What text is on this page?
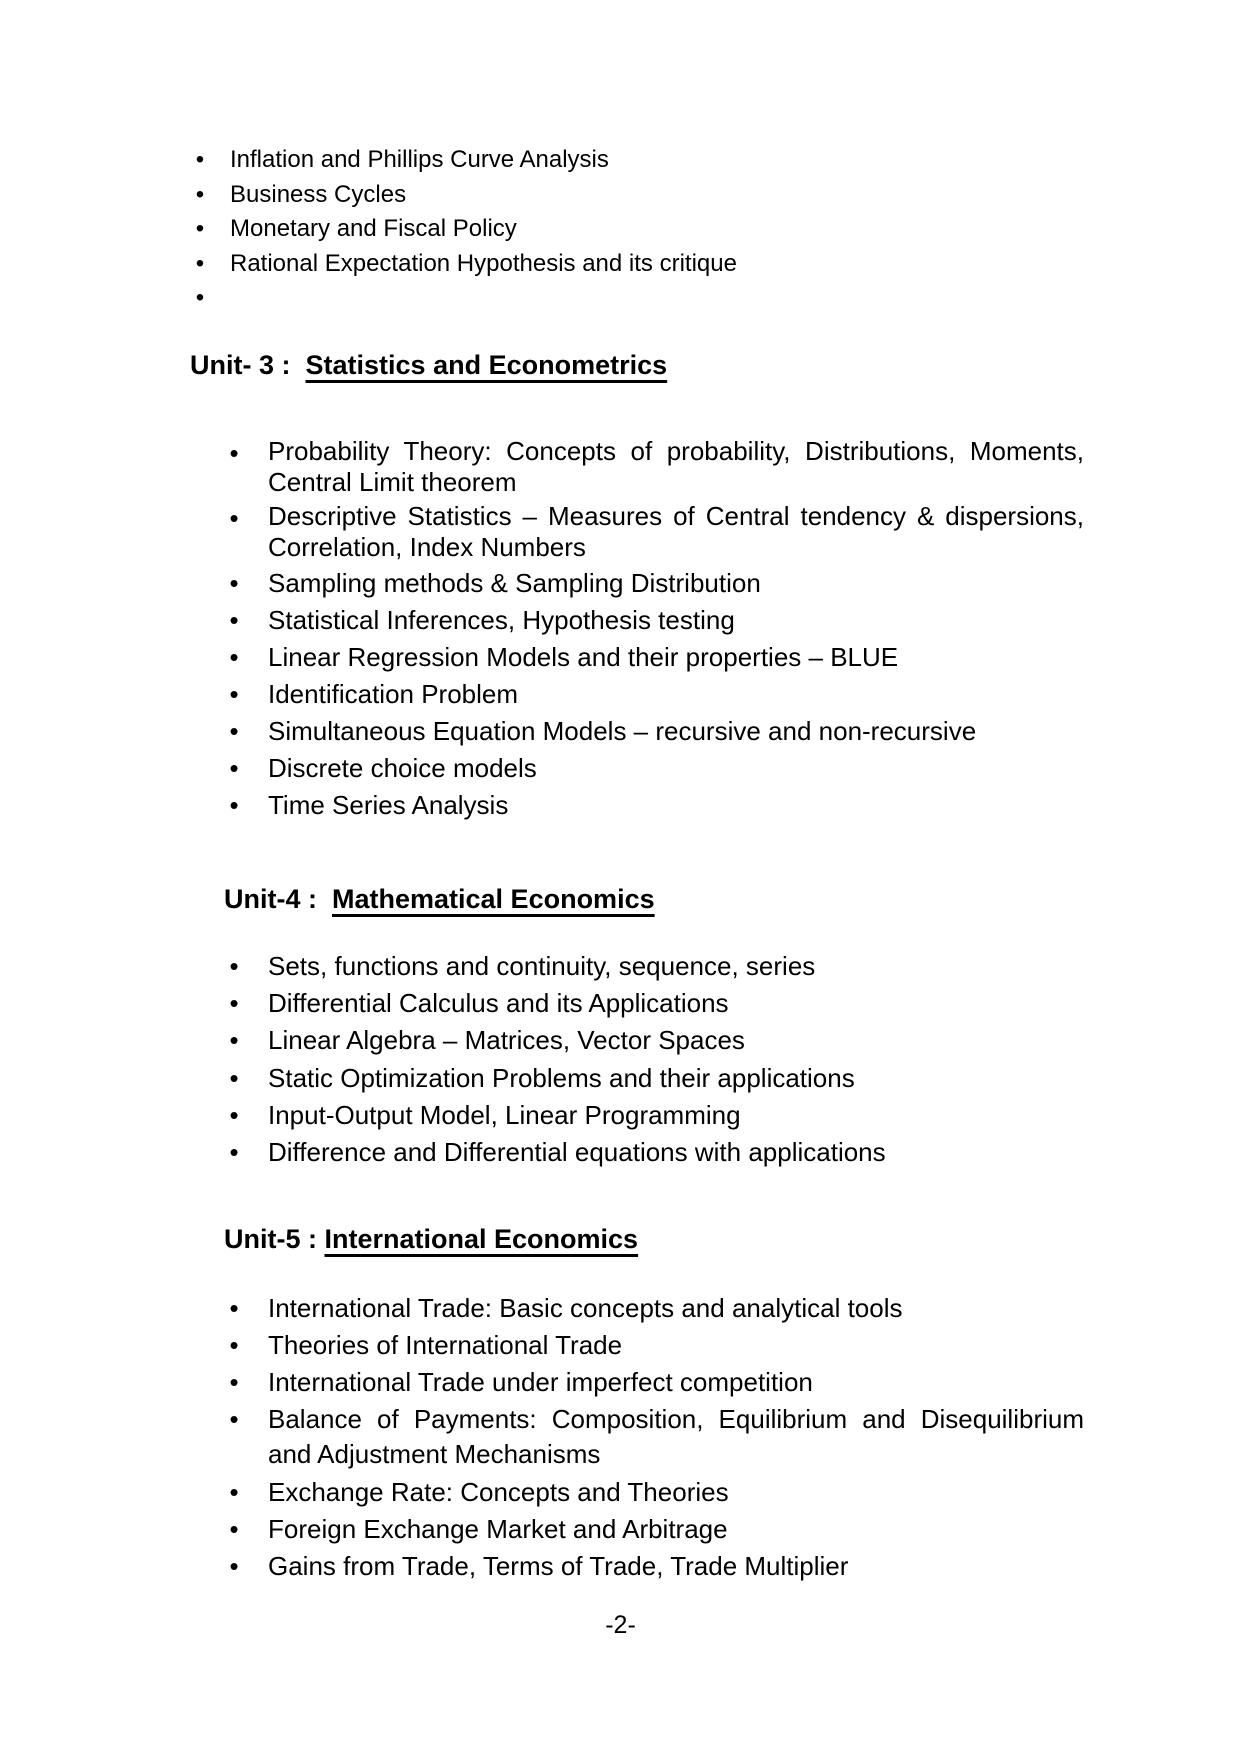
•	Inflation and Phillips Curve Analysis
•	Business Cycles
•	Monetary and Fiscal Policy
•	Rational Expectation Hypothesis and its critique
•
Unit- 3 : Statistics and Econometrics
•	Probability Theory: Concepts of probability, Distributions, Moments, Central Limit theorem
•	Descriptive Statistics – Measures of Central tendency & dispersions, Correlation, Index Numbers
•	Sampling methods & Sampling Distribution
•	Statistical Inferences, Hypothesis testing
•	Linear Regression Models and their properties – BLUE
•	Identification Problem
•	Simultaneous Equation Models – recursive and non-recursive
•	Discrete choice models
•	Time Series Analysis
Unit-4 : Mathematical Economics
•	Sets, functions and continuity, sequence, series
•	Differential Calculus and its Applications
•	Linear Algebra – Matrices, Vector Spaces
•	Static Optimization Problems and their applications
•	Input-Output Model, Linear Programming
•	Difference and Differential equations with applications
Unit-5 : International Economics
•	International Trade: Basic concepts and analytical tools
•	Theories of International Trade
•	International Trade under imperfect competition
•	Balance of Payments: Composition, Equilibrium and Disequilibrium and Adjustment Mechanisms
•	Exchange Rate: Concepts and Theories
•	Foreign Exchange Market and Arbitrage
•	Gains from Trade, Terms of Trade, Trade Multiplier
-2-
